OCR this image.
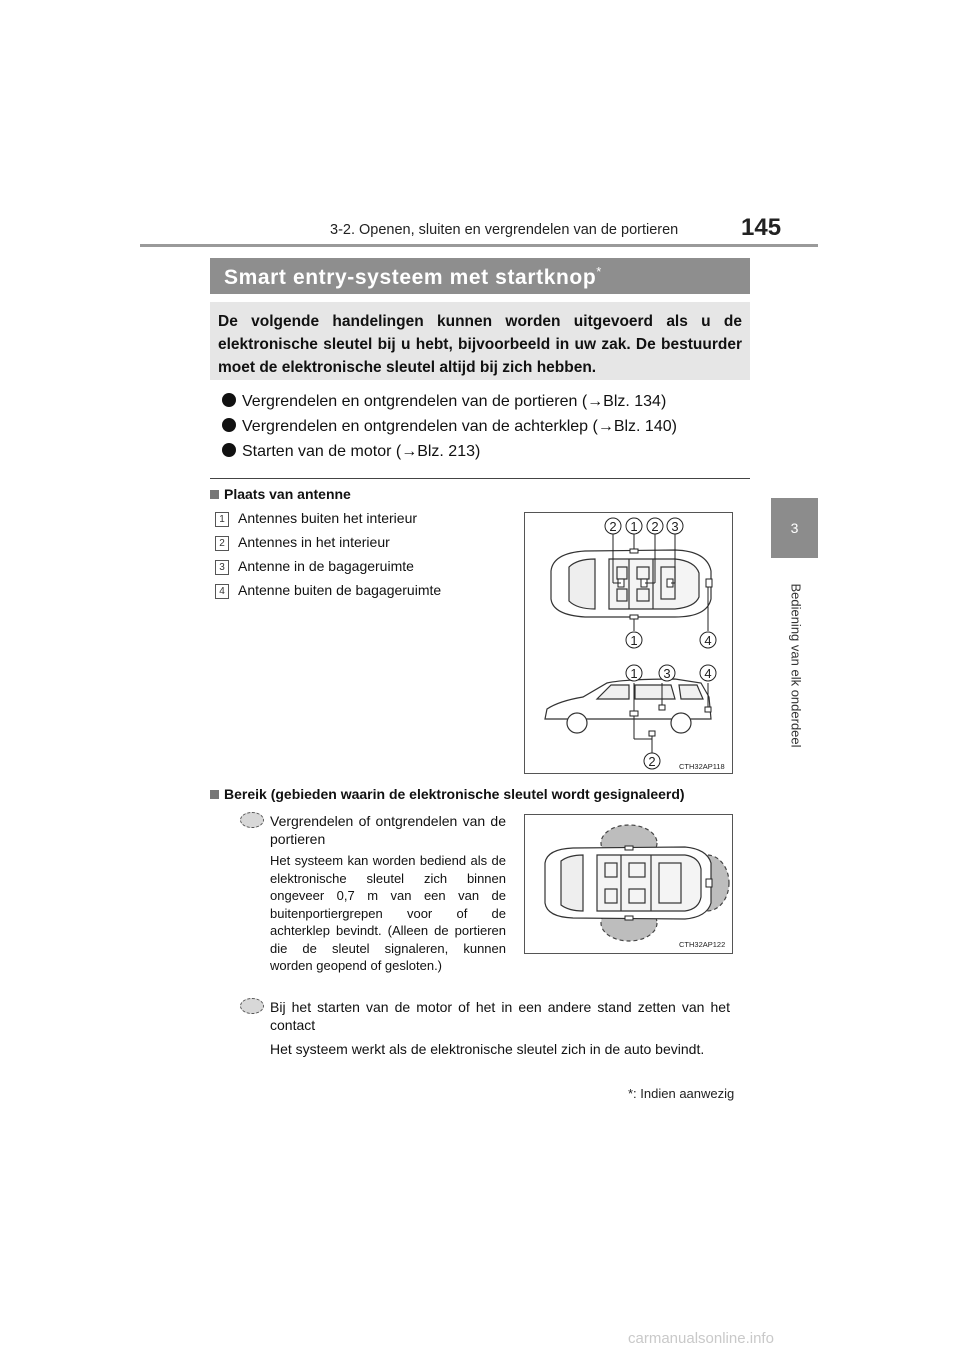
3-2. Openen, sluiten en vergrendelen van de portieren	145
3
Bediening van elk onderdeel
Smart entry-systeem met startknop*
De volgende handelingen kunnen worden uitgevoerd als u de elektronische sleutel bij u hebt, bijvoorbeeld in uw zak. De bestuurder moet de elektronische sleutel altijd bij zich hebben.
Vergrendelen en ontgrendelen van de portieren (→Blz. 134)
Vergrendelen en ontgrendelen van de achterklep (→Blz. 140)
Starten van de motor (→Blz. 213)
Plaats van antenne
1 Antennes buiten het interieur
2 Antennes in het interieur
3 Antenne in de bagageruimte
4 Antenne buiten de bagageruimte
2 1 2 3
1	4
1 3	4
2	CTH32AP118
Bereik (gebieden waarin de elektronische sleutel wordt gesignaleerd)
Vergrendelen of ontgrendelen van de portieren
Het systeem kan worden bediend als de elektronische sleutel zich binnen ongeveer 0,7 m van een van de buitenportiergrepen voor of de achterklep bevindt. (Alleen de portieren die de sleutel signaleren, kunnen worden geopend of gesloten.)
CTH32AP122
Bij het starten van de motor of het in een andere stand zetten van het contact
Het systeem werkt als de elektronische sleutel zich in de auto bevindt.
*: Indien aanwezig
carmanualsonline.info
